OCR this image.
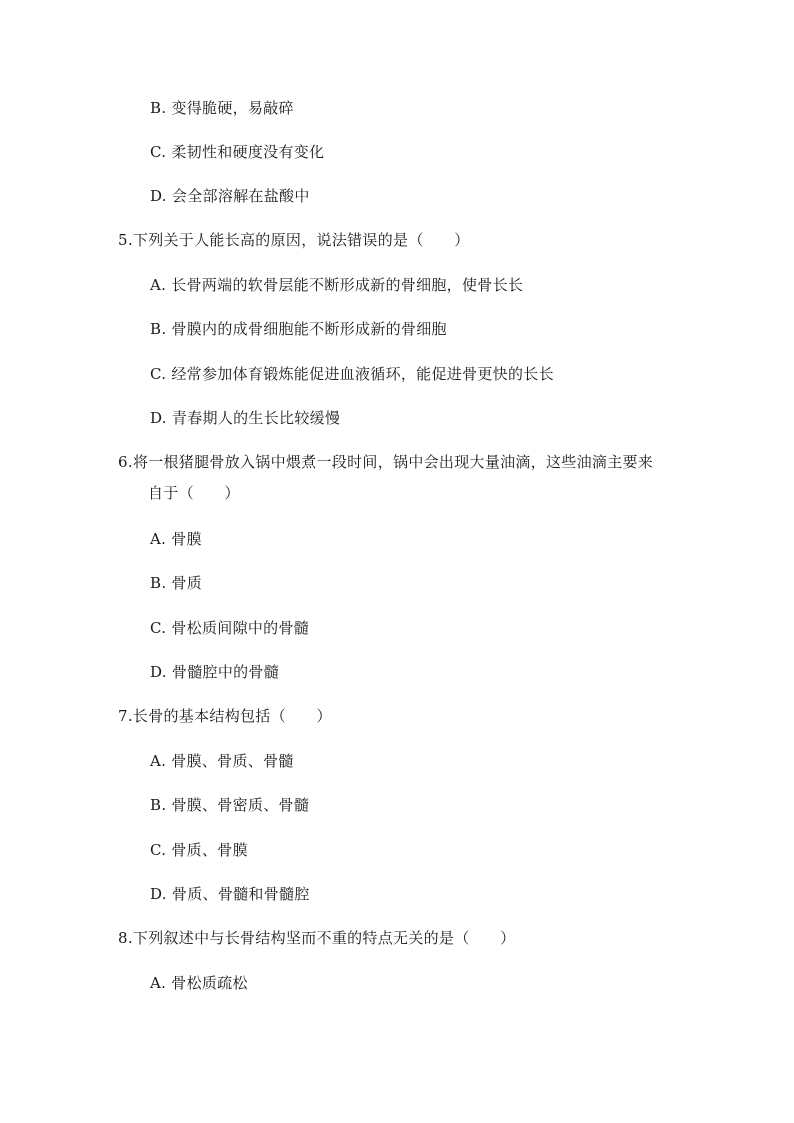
B. 变得脆硬，易敲碎
C. 柔韧性和硬度没有变化
D. 会全部溶解在盐酸中
5.下列关于人能长高的原因，说法错误的是（　　）
A. 长骨两端的软骨层能不断形成新的骨细胞，使骨长长
B. 骨膜内的成骨细胞能不断形成新的骨细胞
C. 经常参加体育锻炼能促进血液循环，能促进骨更快的长长
D. 青春期人的生长比较缓慢
6.将一根猪腿骨放入锅中煨煮一段时间，锅中会出现大量油滴，这些油滴主要来
自于（　　）
A. 骨膜
B. 骨质
C. 骨松质间隙中的骨髓
D. 骨髓腔中的骨髓
7.长骨的基本结构包括（　　）
A. 骨膜、骨质、骨髓
B. 骨膜、骨密质、骨髓
C. 骨质、骨膜
D. 骨质、骨髓和骨髓腔
8.下列叙述中与长骨结构坚而不重的特点无关的是（　　）
A. 骨松质疏松
